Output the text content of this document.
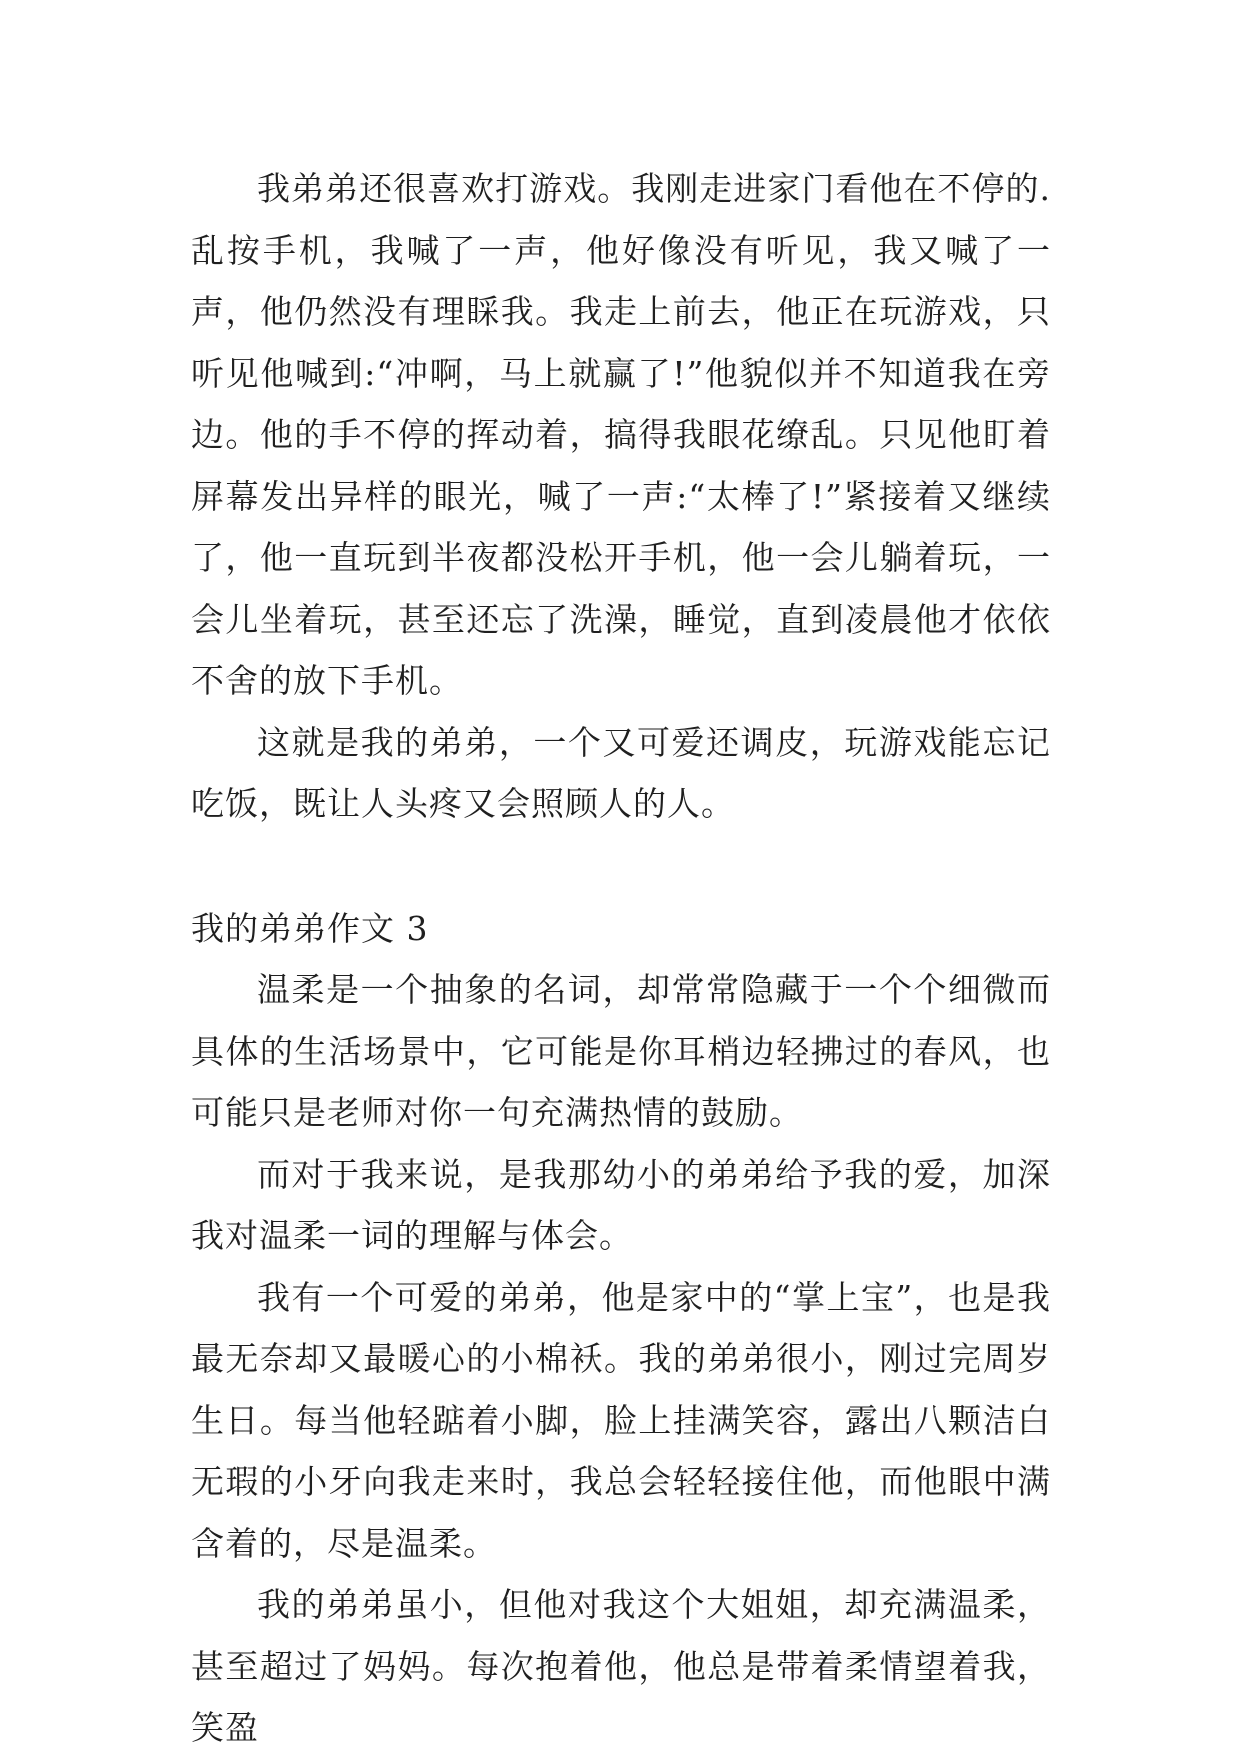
我弟弟还很喜欢打游戏。我刚走进家门看他在不停的.乱按手机，我喊了一声，他好像没有听见，我又喊了一声，他仍然没有理睬我。我走上前去，他正在玩游戏，只听见他喊到:“冲啊，马上就赢了!”他貌似并不知道我在旁边。他的手不停的挥动着，搞得我眼花缭乱。只见他盯着屏幕发出异样的眼光，喊了一声:“太棒了!”紧接着又继续了，他一直玩到半夜都没松开手机，他一会儿躺着玩，一会儿坐着玩，甚至还忘了洗澡，睡觉，直到凌晨他才依依不舍的放下手机。

这就是我的弟弟，一个又可爱还调皮，玩游戏能忘记吃饭，既让人头疼又会照顾人的人。

我的弟弟作文 3

温柔是一个抽象的名词，却常常隐藏于一个个细微而具体的生活场景中，它可能是你耳梢边轻拂过的春风，也可能只是老师对你一句充满热情的鼓励。

而对于我来说，是我那幼小的弟弟给予我的爱，加深我对温柔一词的理解与体会。

我有一个可爱的弟弟，他是家中的“掌上宝”，也是我最无奈却又最暖心的小棉袄。我的弟弟很小，刚过完周岁生日。每当他轻踮着小脚，脸上挂满笑容，露出八颗洁白无瑕的小牙向我走来时，我总会轻轻接住他，而他眼中满含着的，尽是温柔。

我的弟弟虽小，但他对我这个大姐姐，却充满温柔，甚至超过了妈妈。每次抱着他，他总是带着柔情望着我，笑盈
